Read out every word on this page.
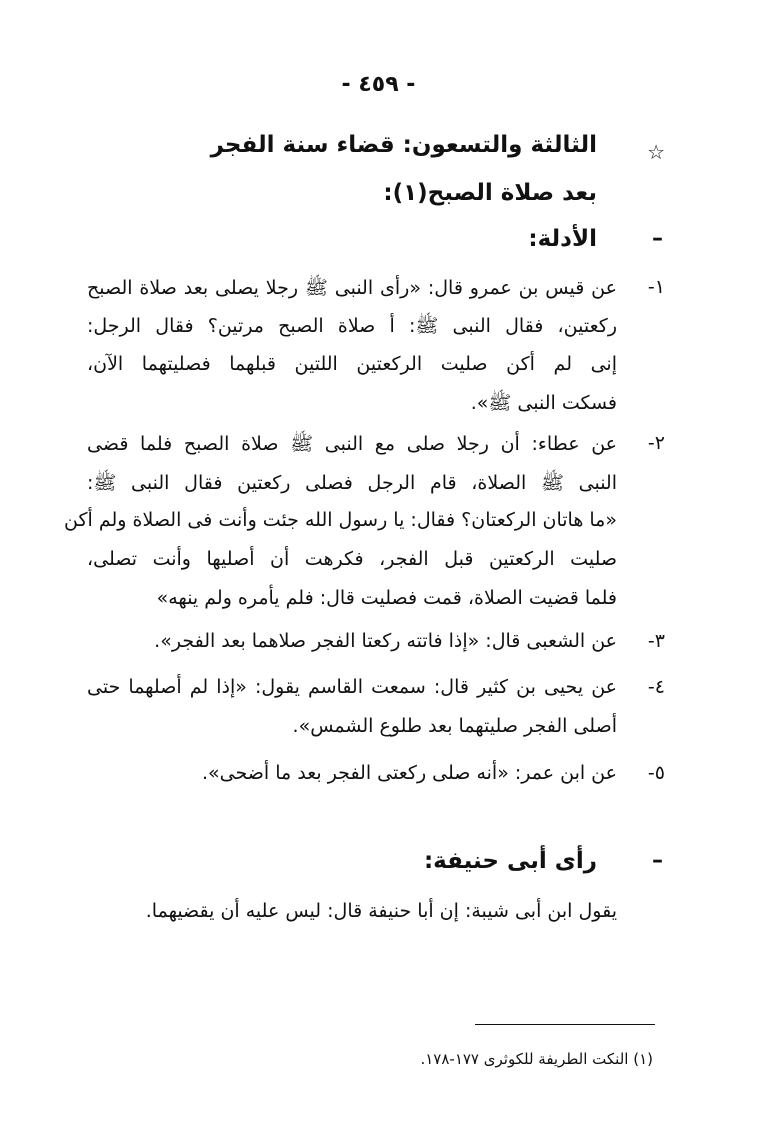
- ٤٥٩ -
☆
الثالثة والتسعون: قضاء سنة الفجر
بعد صلاة الصبح(١):
–
الأدلة:
١-
عن قيس بن عمرو قال: «رأى النبى ﷺ رجلا يصلى بعد صلاة الصبح
ركعتين، فقال النبى ﷺ: أ صلاة الصبح مرتين؟ فقال الرجل:
إنى لم أكن صليت الركعتين اللتين قبلهما فصليتهما الآن،
فسكت النبى ﷺ».
٢-
عن عطاء: أن رجلا صلى مع النبى ﷺ صلاة الصبح فلما قضى
النبى ﷺ الصلاة، قام الرجل فصلى ركعتين فقال النبى ﷺ:
«ما هاتان الركعتان؟ فقال: يا رسول الله جئت وأنت فى الصلاة ولم أكن
صليت الركعتين قبل الفجر، فكرهت أن أصليها وأنت تصلى،
فلما قضيت الصلاة، قمت فصليت قال: فلم يأمره ولم ينهه»
٣-
عن الشعبى قال: «إذا فاتته ركعتا الفجر صلاهما بعد الفجر».
٤-
عن يحيى بن كثير قال: سمعت القاسم يقول: «إذا لم أصلهما حتى
أصلى الفجر صليتهما بعد طلوع الشمس».
٥-
عن ابن عمر: «أنه صلى ركعتى الفجر بعد ما أضحى».
–
رأى أبى حنيفة:
يقول ابن أبى شيبة: إن أبا حنيفة قال: ليس عليه أن يقضيهما.
(١) النكت الطريفة للكوثرى ١٧٧-١٧٨.
